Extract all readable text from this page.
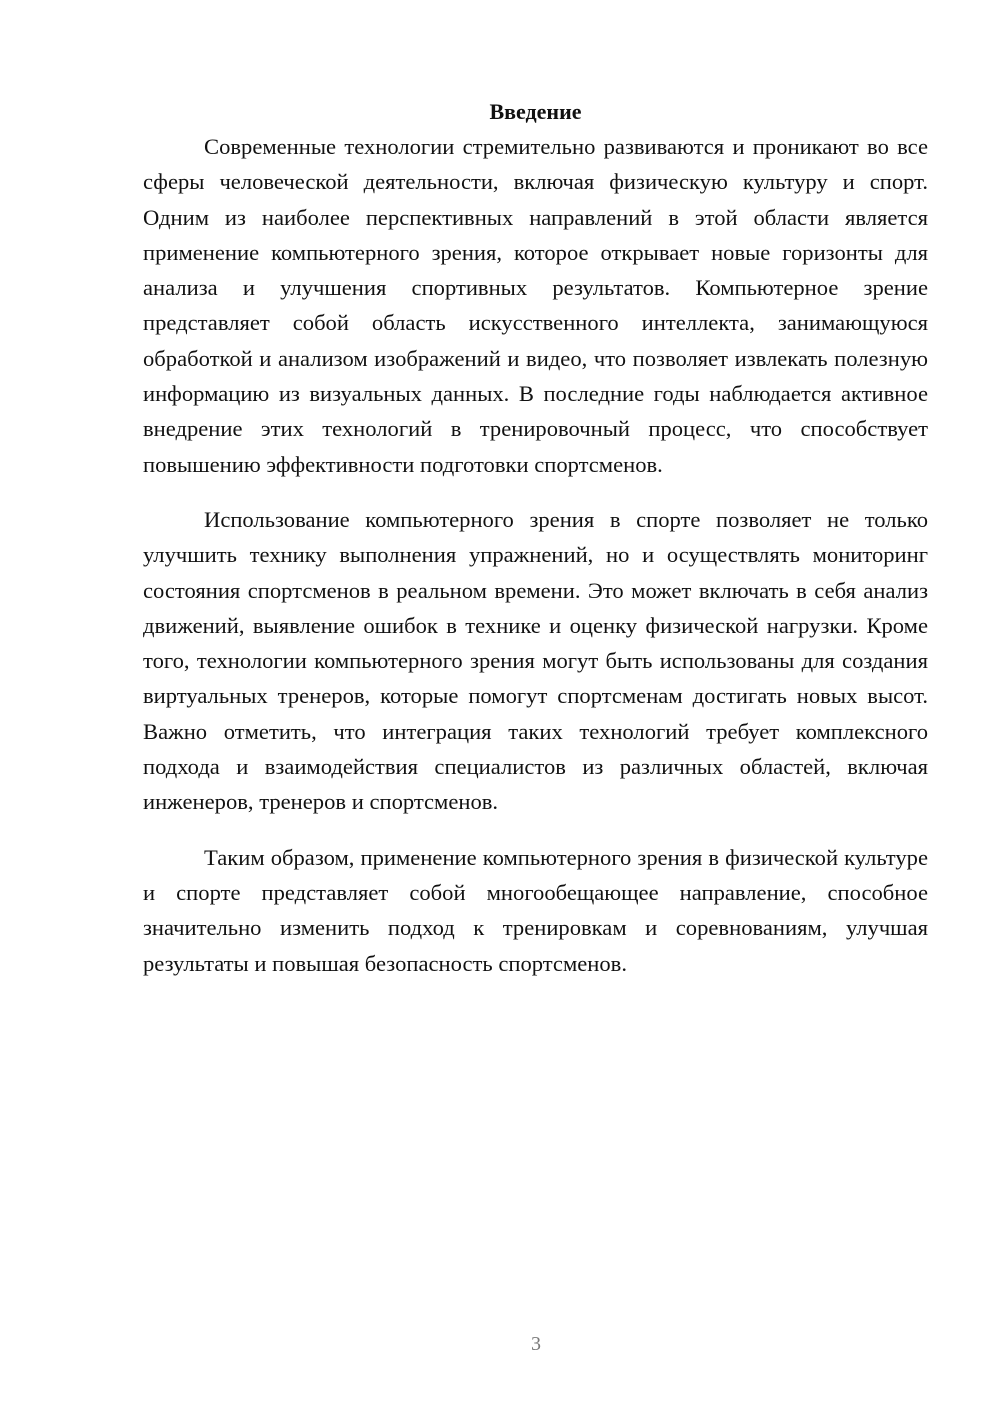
Введение

Современные технологии стремительно развиваются и проникают во все сферы человеческой деятельности, включая физическую культуру и спорт. Одним из наиболее перспективных направлений в этой области является применение компьютерного зрения, которое открывает новые горизонты для анализа и улучшения спортивных результатов. Компьютерное зрение представляет собой область искусственного интеллекта, занимающуюся обработкой и анализом изображений и видео, что позволяет извлекать полезную информацию из визуальных данных. В последние годы наблюдается активное внедрение этих технологий в тренировочный процесс, что способствует повышению эффективности подготовки спортсменов.

Использование компьютерного зрения в спорте позволяет не только улучшить технику выполнения упражнений, но и осуществлять мониторинг состояния спортсменов в реальном времени. Это может включать в себя анализ движений, выявление ошибок в технике и оценку физической нагрузки. Кроме того, технологии компьютерного зрения могут быть использованы для создания виртуальных тренеров, которые помогут спортсменам достигать новых высот. Важно отметить, что интеграция таких технологий требует комплексного подхода и взаимодействия специалистов из различных областей, включая инженеров, тренеров и спортсменов.

Таким образом, применение компьютерного зрения в физической культуре и спорте представляет собой многообещающее направление, способное значительно изменить подход к тренировкам и соревнованиям, улучшая результаты и повышая безопасность спортсменов.

3
